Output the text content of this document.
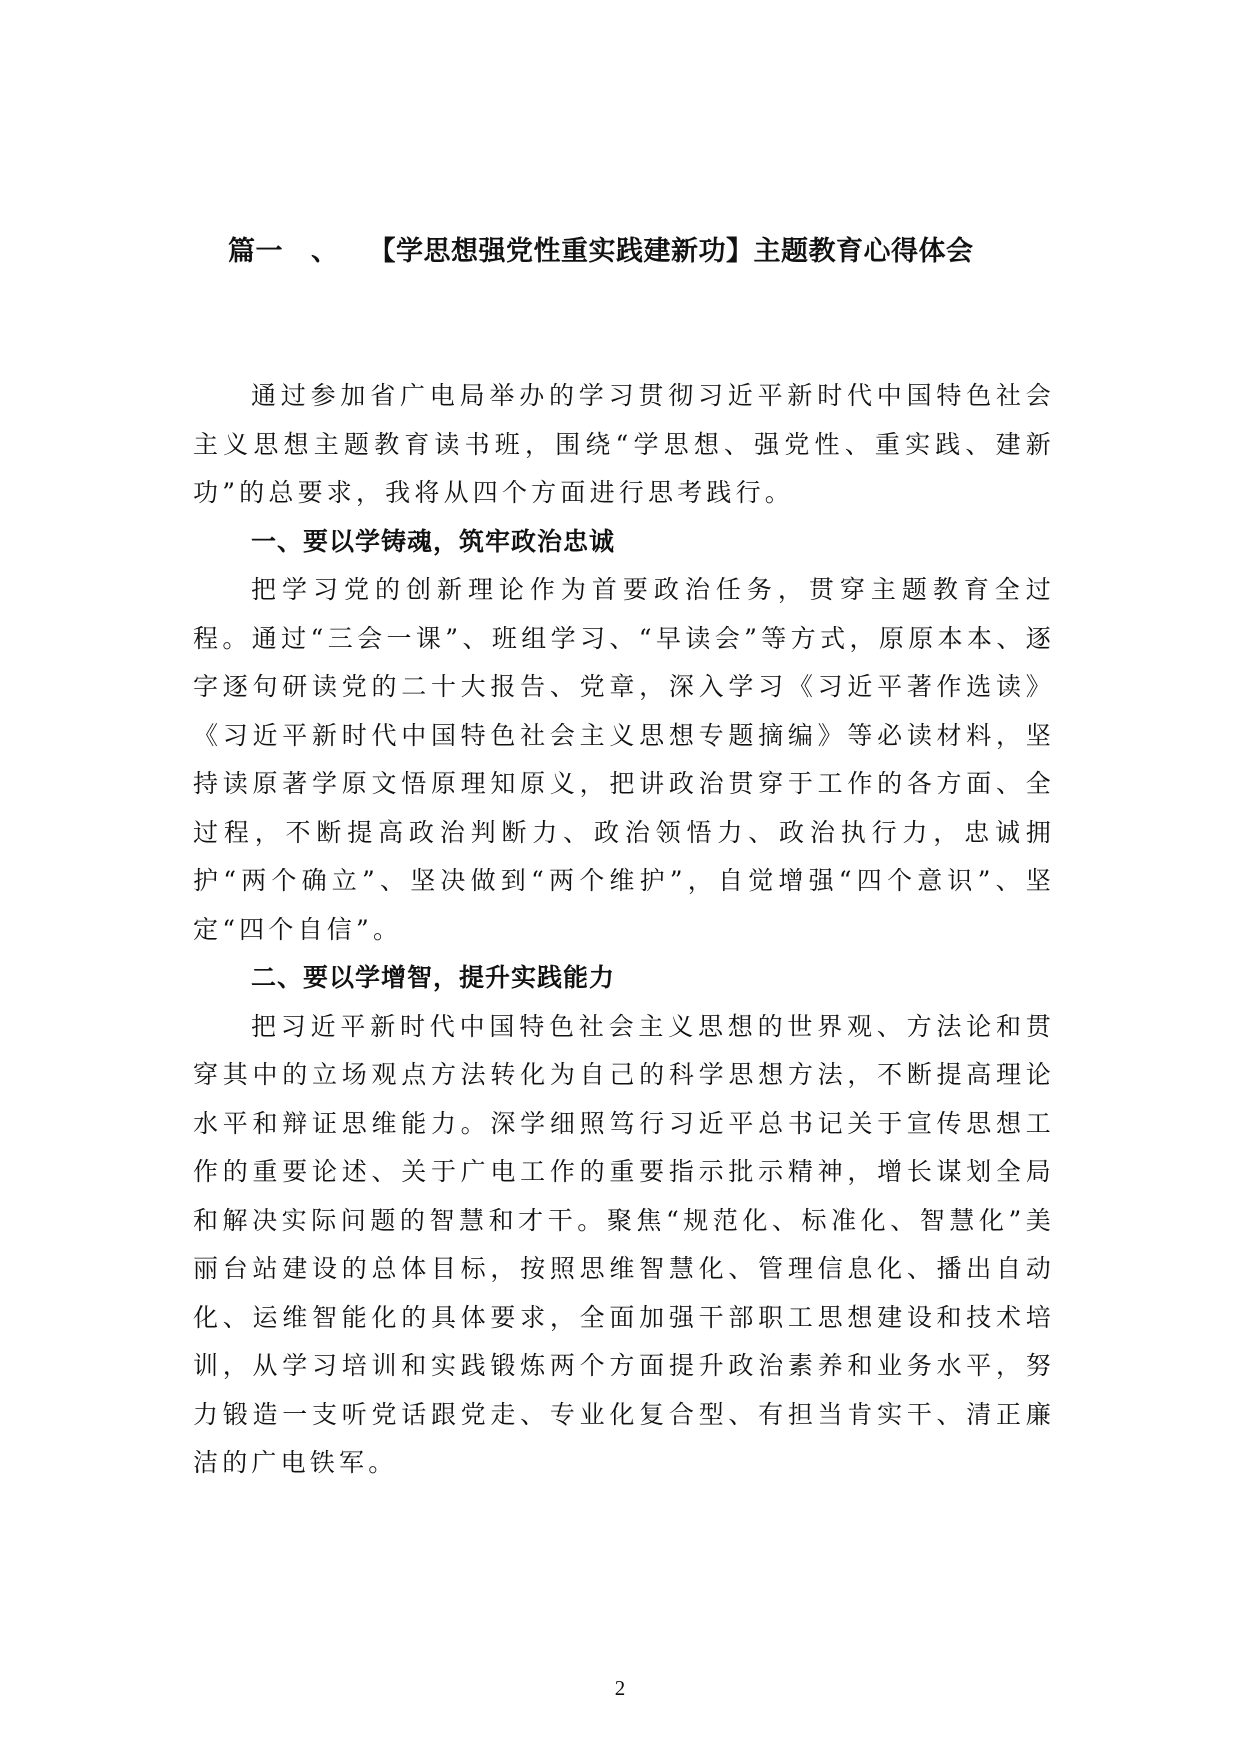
篇一 、 【学思想强党性重实践建新功】主题教育心得体会

通过参加省广电局举办的学习贯彻习近平新时代中国特色社会主义思想主题教育读书班，围绕“学思想、强党性、重实践、建新功”的总要求，我将从四个方面进行思考践行。

一、要以学铸魂，筑牢政治忠诚

把学习党的创新理论作为首要政治任务，贯穿主题教育全过程。通过“三会一课”、班组学习、“早读会”等方式，原原本本、逐字逐句研读党的二十大报告、党章，深入学习《习近平著作选读》《习近平新时代中国特色社会主义思想专题摘编》等必读材料，坚持读原著学原文悟原理知原义，把讲政治贯穿于工作的各方面、全过程，不断提高政治判断力、政治领悟力、政治执行力，忠诚拥护“两个确立”、坚决做到“两个维护”，自觉增强“四个意识”、坚定“四个自信”。

二、要以学增智，提升实践能力

把习近平新时代中国特色社会主义思想的世界观、方法论和贯穿其中的立场观点方法转化为自己的科学思想方法，不断提高理论水平和辩证思维能力。深学细照笃行习近平总书记关于宣传思想工作的重要论述、关于广电工作的重要指示批示精神，增长谋划全局和解决实际问题的智慧和才干。聚焦“规范化、标准化、智慧化”美丽台站建设的总体目标，按照思维智慧化、管理信息化、播出自动化、运维智能化的具体要求，全面加强干部职工思想建设和技术培训，从学习培训和实践锻炼两个方面提升政治素养和业务水平，努力锻造一支听党话跟党走、专业化复合型、有担当肯实干、清正廉洁的广电铁军。

2
